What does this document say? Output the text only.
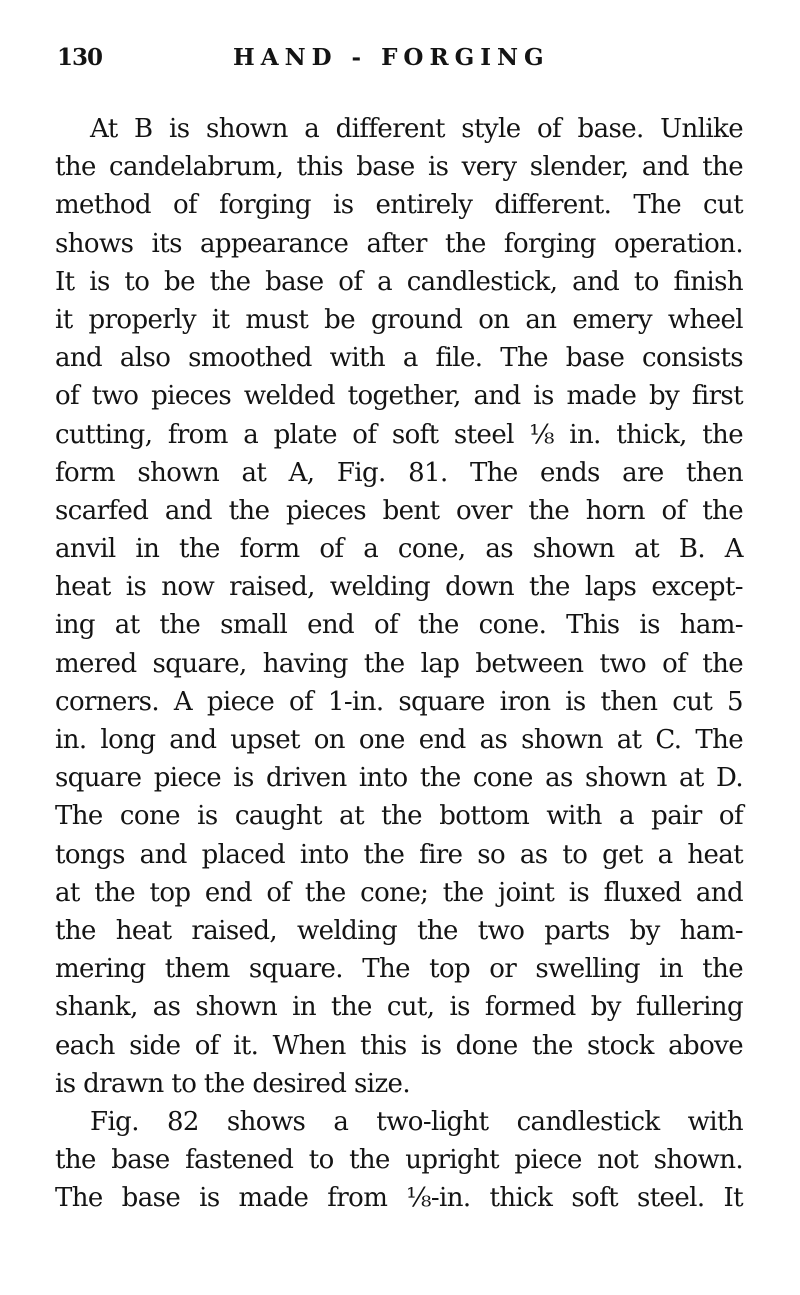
130	HAND - FORGING
At B is shown a different style of base. Unlike
the candelabrum, this base is very slender, and the
method of forging is entirely different. The cut
shows its appearance after the forging operation.
It is to be the base of a candlestick, and to finish
it properly it must be ground on an emery wheel
and also smoothed with a file. The base consists
of two pieces welded together, and is made by first
cutting, from a plate of soft steel ⅛ in. thick, the
form shown at A, Fig. 81. The ends are then
scarfed and the pieces bent over the horn of the
anvil in the form of a cone, as shown at B. A
heat is now raised, welding down the laps except-
ing at the small end of the cone. This is ham-
mered square, having the lap between two of the
corners. A piece of 1-in. square iron is then cut 5
in. long and upset on one end as shown at C. The
square piece is driven into the cone as shown at D.
The cone is caught at the bottom with a pair of
tongs and placed into the fire so as to get a heat
at the top end of the cone; the joint is fluxed and
the heat raised, welding the two parts by ham-
mering them square. The top or swelling in the
shank, as shown in the cut, is formed by fullering
each side of it. When this is done the stock above
is drawn to the desired size.
Fig. 82 shows a two-light candlestick with
the base fastened to the upright piece not shown.
The base is made from ⅛-in. thick soft steel. It
